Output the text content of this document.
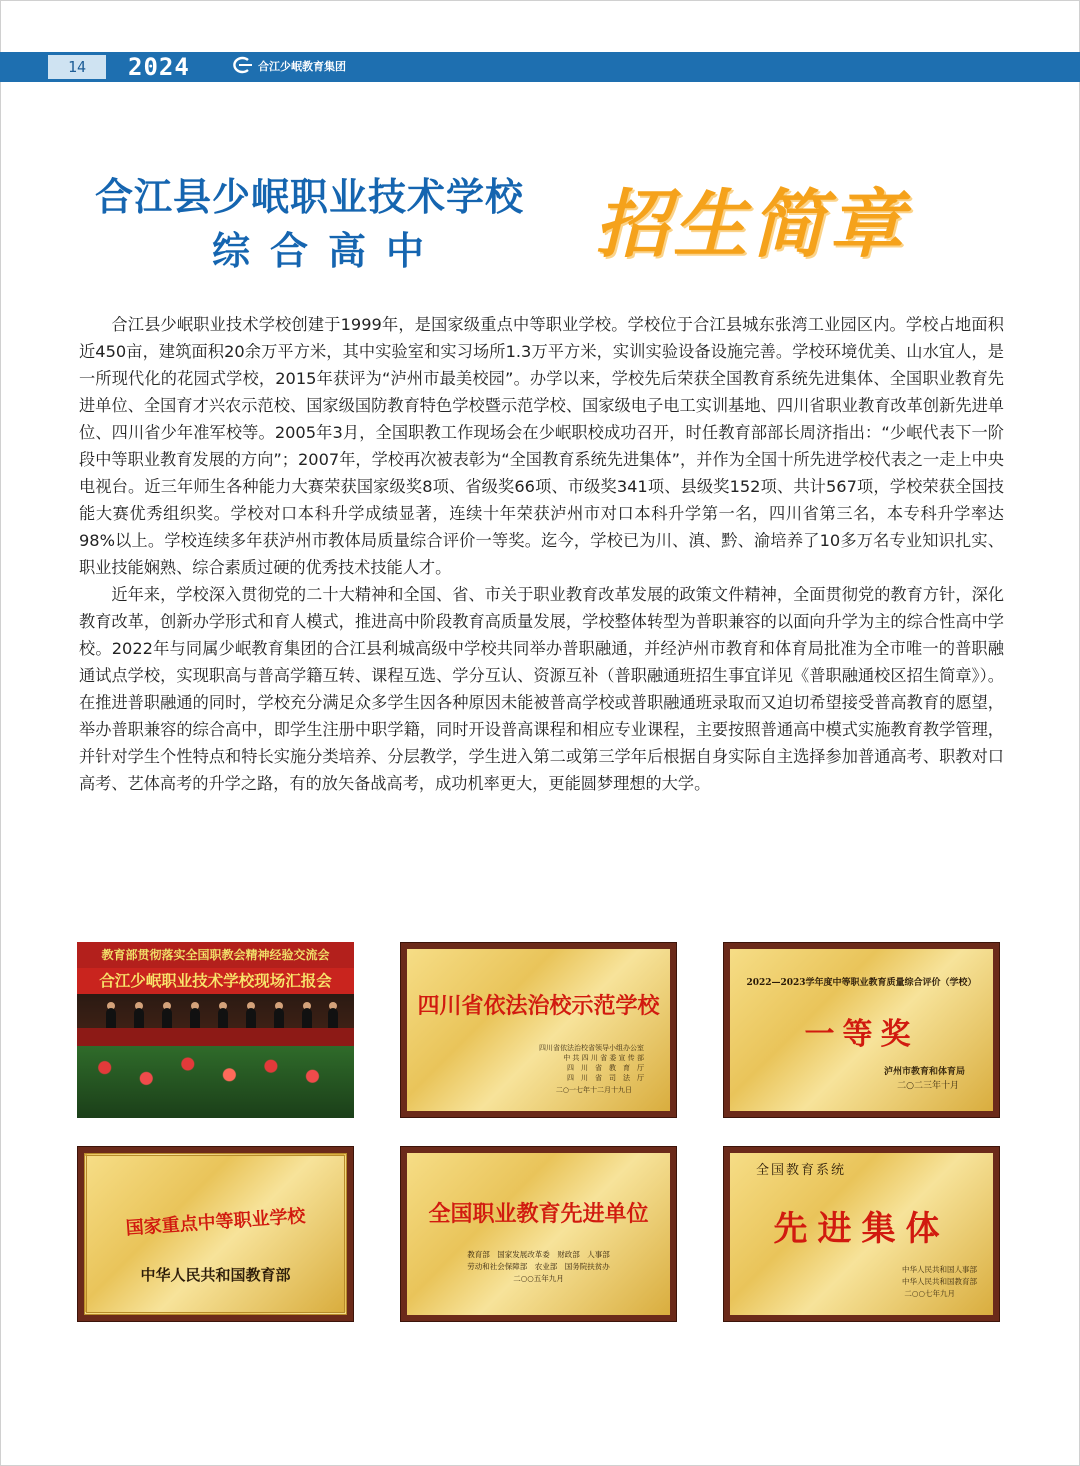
14	2024	合江少岷教育集团
合江县少岷职业技术学校
综合高中	招生简章

合江县少岷职业技术学校创建于1999年，是国家级重点中等职业学校。学校位于合江县城东张湾工业园区内。学校占地面积近450亩，建筑面积20余万平方米，其中实验室和实习场所1.3万平方米，实训实验设备设施完善。学校环境优美、山水宜人，是一所现代化的花园式学校，2015年获评为“泸州市最美校园”。办学以来，学校先后荣获全国教育系统先进集体、全国职业教育先进单位、全国育才兴农示范校、国家级国防教育特色学校暨示范学校、国家级电子电工实训基地、四川省职业教育改革创新先进单位、四川省少年准军校等。2005年3月，全国职教工作现场会在少岷职校成功召开，时任教育部部长周济指出：“少岷代表下一阶段中等职业教育发展的方向”；2007年，学校再次被表彰为“全国教育系统先进集体”，并作为全国十所先进学校代表之一走上中央电视台。近三年师生各种能力大赛荣获国家级奖8项、省级奖66项、市级奖341项、县级奖152项、共计567项，学校荣获全国技能大赛优秀组织奖。学校对口本科升学成绩显著，连续十年荣获泸州市对口本科升学第一名，四川省第三名，本专科升学率达98%以上。学校连续多年获泸州市教体局质量综合评价一等奖。迄今，学校已为川、滇、黔、渝培养了10多万名专业知识扎实、职业技能娴熟、综合素质过硬的优秀技术技能人才。

近年来，学校深入贯彻党的二十大精神和全国、省、市关于职业教育改革发展的政策文件精神，全面贯彻党的教育方针，深化教育改革，创新办学形式和育人模式，推进高中阶段教育高质量发展，学校整体转型为普职兼容的以面向升学为主的综合性高中学校。2022年与同属少岷教育集团的合江县利城高级中学校共同举办普职融通，并经泸州市教育和体育局批准为全市唯一的普职融通试点学校，实现职高与普高学籍互转、课程互选、学分互认、资源互补（普职融通班招生事宜详见《普职融通校区招生简章》）。在推进普职融通的同时，学校充分满足众多学生因各种原因未能被普高学校或普职融通班录取而又迫切希望接受普高教育的愿望，举办普职兼容的综合高中，即学生注册中职学籍，同时开设普高课程和相应专业课程，主要按照普通高中模式实施教育教学管理，并针对学生个性特点和特长实施分类培养、分层教学，学生进入第二或第三学年后根据自身实际自主选择参加普通高考、职教对口高考、艺体高考的升学之路，有的放矢备战高考，成功机率更大，更能圆梦理想的大学。

教育部贯彻落实全国职教会精神经验交流会
合江少岷职业技术学校现场汇报会
四川省依法治校示范学校
四川省依法治校省领导小组办公室
中 共 四 川 省 委 宣 传 部
四　川　省　教　育　厅
四　川　省　司　法　厅
二○一七年十二月十九日
2022—2023学年度中等职业教育质量综合评价（学校）
一等奖
泸州市教育和体育局
二○二三年十月
国家重点中等职业学校
中华人民共和国教育部
全国职业教育先进单位
教育部　国家发展改革委　财政部　人事部
劳动和社会保障部　农业部　国务院扶贫办
二○○五年九月
全国教育系统
先进集体
中华人民共和国人事部
中华人民共和国教育部
二○○七年九月
